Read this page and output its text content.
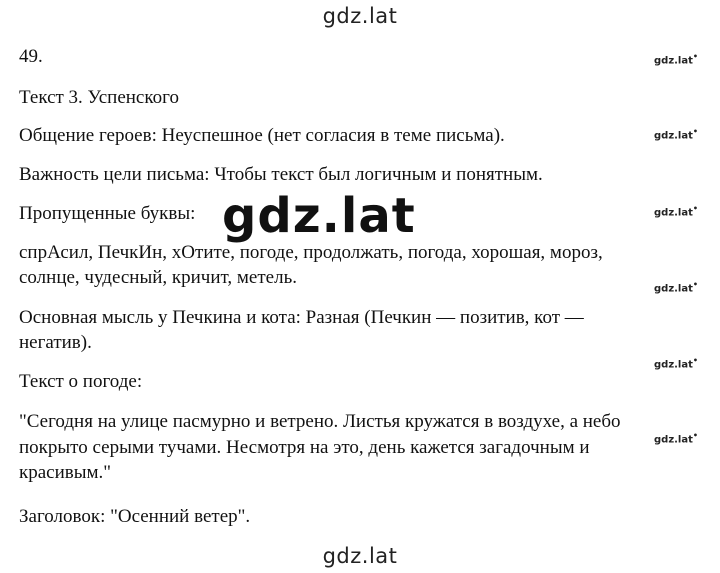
gdz.lat
gdz.lat•
gdz.lat•
gdz.lat•
gdz.lat•
gdz.lat•
gdz.lat•
49.
Текст 3. Успенского
Общение героев: Неуспешное (нет согласия в теме письма).
Важность цели письма: Чтобы текст был логичным и понятным.
Пропущенные буквы:
спрАсил, ПечкИн, хОтите, погоде, продолжать, погода, хорошая, мороз,
солнце, чудесный, кричит, метель.
Основная мысль у Печкина и кота: Разная (Печкин — позитив, кот —
негатив).
Текст о погоде:
"Сегодня на улице пасмурно и ветрено. Листья кружатся в воздухе, а небо
покрыто серыми тучами. Несмотря на это, день кажется загадочным и
красивым."
Заголовок: "Осенний ветер".
gdz.lat
gdz.lat
